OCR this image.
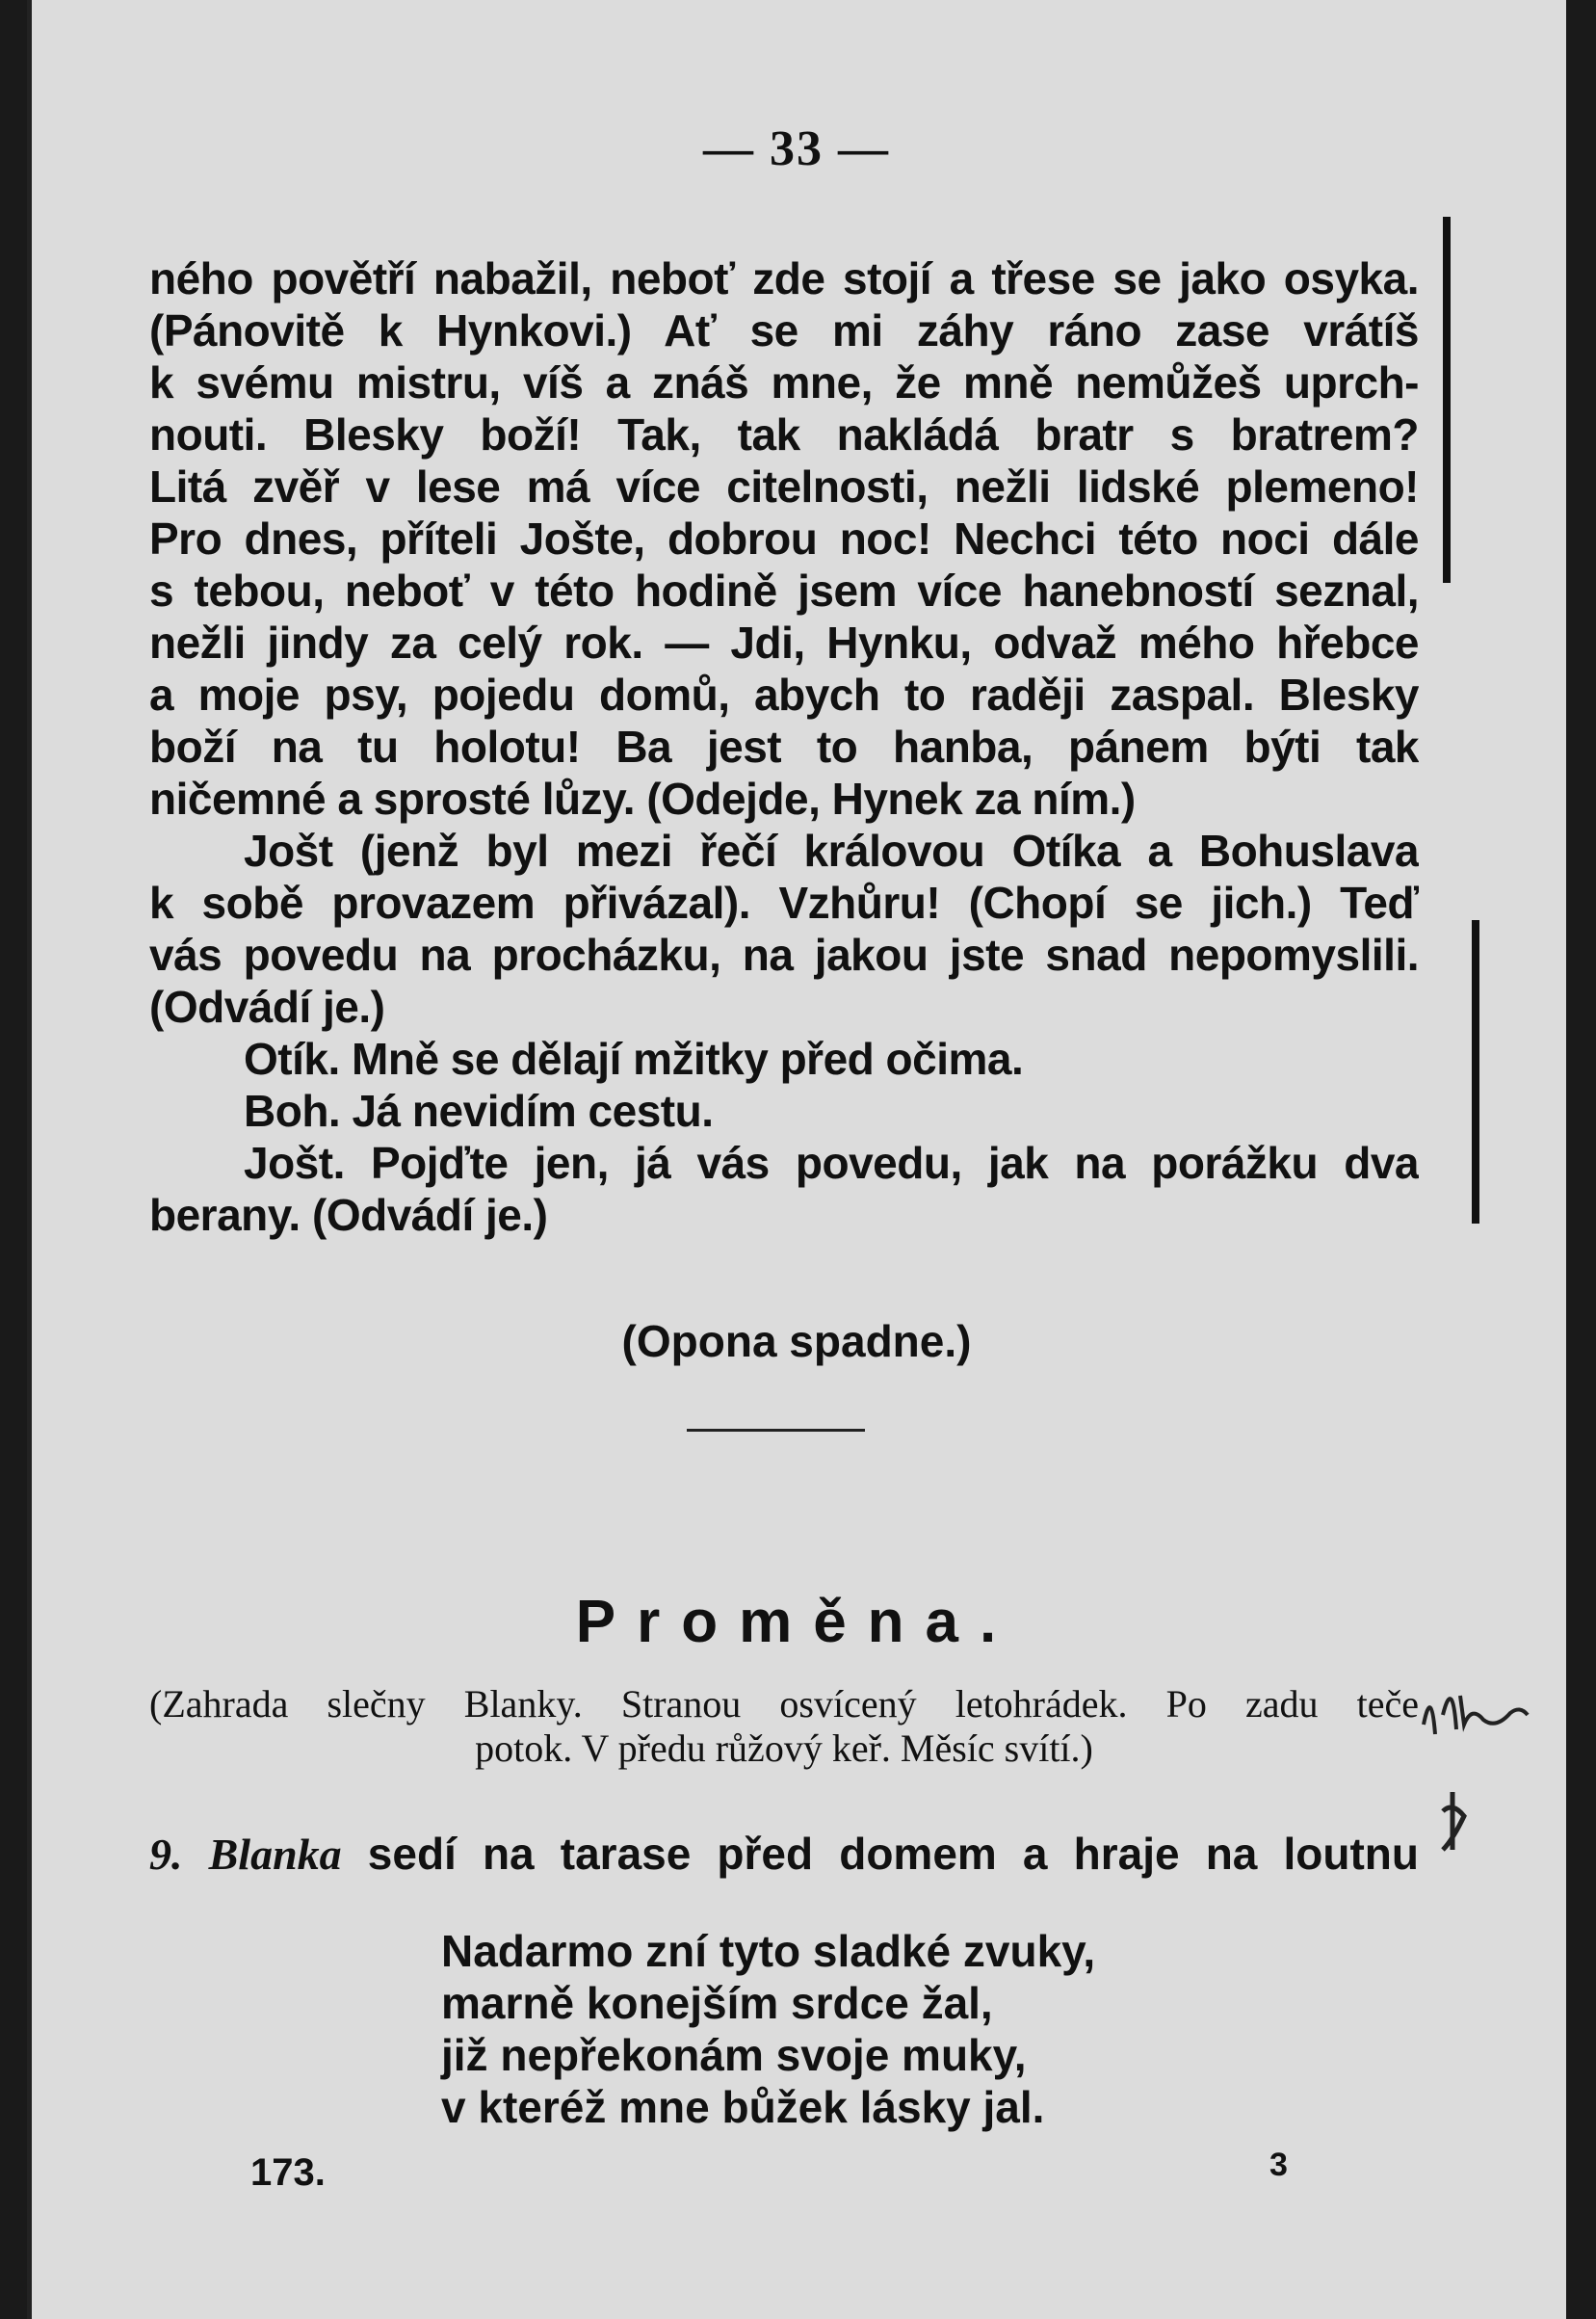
— 33 —
ného povětří nabažil, neboť zde stojí a třese se jako osyka.
(Pánovitě k Hynkovi.) Ať se mi záhy ráno zase vrátíš
k svému mistru, víš a znáš mne, že mně nemůžeš uprch-
nouti. Blesky boží! Tak, tak nakládá bratr s bratrem?
Litá zvěř v lese má více citelnosti, nežli lidské plemeno!
Pro dnes, příteli Jošte, dobrou noc! Nechci této noci dále
s tebou, neboť v této hodině jsem více hanebností seznal,
nežli jindy za celý rok. — Jdi, Hynku, odvaž mého hřebce
a moje psy, pojedu domů, abych to raději zaspal. Blesky
boží na tu holotu! Ba jest to hanba, pánem býti tak
ničemné a sprosté lůzy. (Odejde, Hynek za ním.)
Jošt (jenž byl mezi řečí královou Otíka a Bohuslava
k sobě provazem přivázal). Vzhůru! (Chopí se jich.) Teď
vás povedu na procházku, na jakou jste snad nepomyslili.
(Odvádí je.)
Otík. Mně se dělají mžitky před očima.
Boh. Já nevidím cestu.
Jošt. Pojďte jen, já vás povedu, jak na porážku dva
berany. (Odvádí je.)
(Opona spadne.)
Proměna.
(Zahrada slečny Blanky. Stranou osvícený letohrádek. Po zadu teče
potok. V předu růžový keř. Měsíc svítí.)
9. Blanka sedí na tarase před domem a hraje na loutnu
Nadarmo zní tyto sladké zvuky,
marně konejším srdce žal,
již nepřekonám svoje muky,
v kteréž mne bůžek lásky jal.
173.	3
